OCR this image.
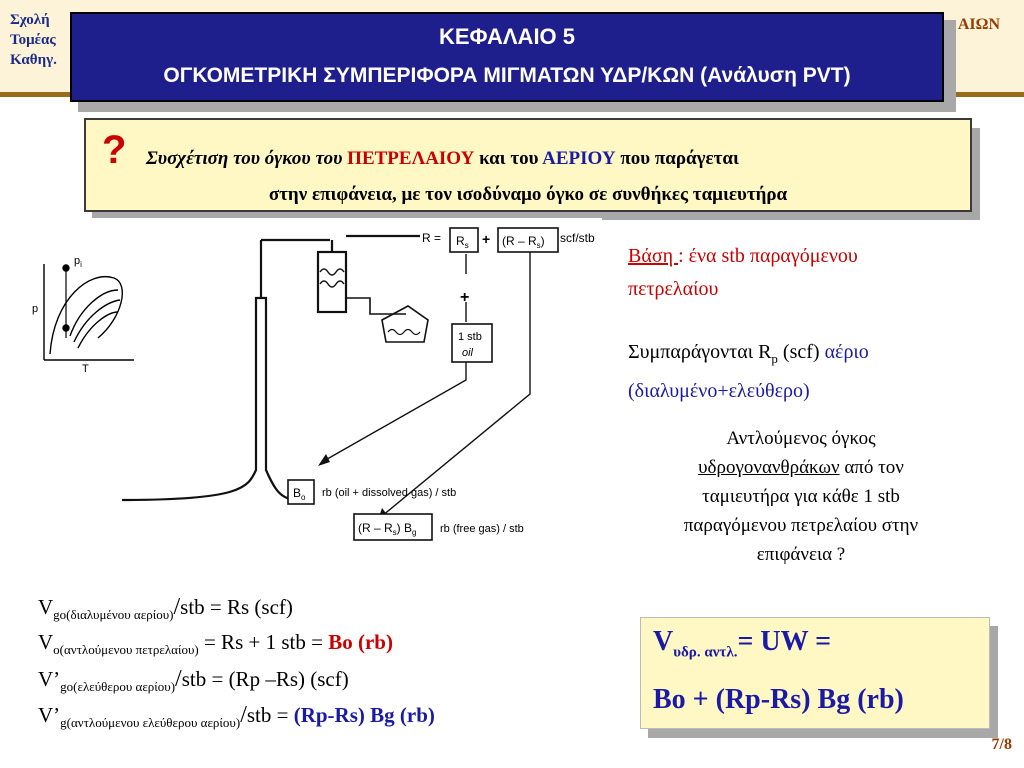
Σχολή
Τομέας
Καθηγ.
ΑΙΩΝ
ΚΕΦΑΛΑΙΟ 5
ΟΓΚΟΜΕΤΡΙΚΗ ΣΥΜΠΕΡΙΦΟΡΑ ΜΙΓΜΑΤΩΝ ΥΔΡ/ΚΩΝ (Ανάλυση PVT)
? Συσχέτιση του όγκου του ΠΕΤΡΕΛΑΙΟΥ και του ΑΕΡΙΟΥ που παράγεται
στην επιφάνεια, με τον ισοδύναμο όγκο σε συνθήκες ταμιευτήρα
$p_i$
p
T
$R = R_s + (R - R_s)$ scf/stb
+
1 stb
oil
$B_o$ rb (oil + dissolved gas) / stb
$(R - R_s)$ $B_g$ rb (free gas) / stb
Βάση : ένα stb παραγόμενου
πετρελαίου
Συμπαράγονται $R_p$ (scf) αέριο
(διαλυμένο+ελεύθερο)
Αντλούμενος όγκος
υδρογονανθράκων από τον
ταμιευτήρα για κάθε 1 stb
παραγόμενου πετρελαίου στην
επιφάνεια ?
$V_{go(\delta\iota\alpha\lambda\upsilon\mu έ\nu o\upsilon \alpha\varepsilon\rho ίo\upsilon)}$/stb = Rs (scf)
$V_{o(\alpha\nu\tau\lambda oύ\mu\varepsilon\nu o\upsilon \pi\varepsilon\tau\rho\varepsilon\lambda\alpha ίo\upsilon)} = Rs + 1$ stb = Bo (rb)
$V’_{go(\varepsilon\lambda\varepsilon ύ\theta\varepsilon\rho o\upsilon \alpha\varepsilon\rho ίo\upsilon)}$/stb = (Rp –Rs) (scf)
$V’_{g(\alpha\nu\tau\lambda oύ\mu\varepsilon\nu o\upsilon \varepsilon\lambda\varepsilon ύ\theta\varepsilon\rho o\upsilon \alpha\varepsilon\rho ίo\upsilon)}$/stb = (Rp-Rs) Bg (rb)
$V_{\upsilon\delta\rho. \alpha\nu\tau\lambda.}=$ UW =
Bo + (Rp-Rs) Bg (rb)
7/8
